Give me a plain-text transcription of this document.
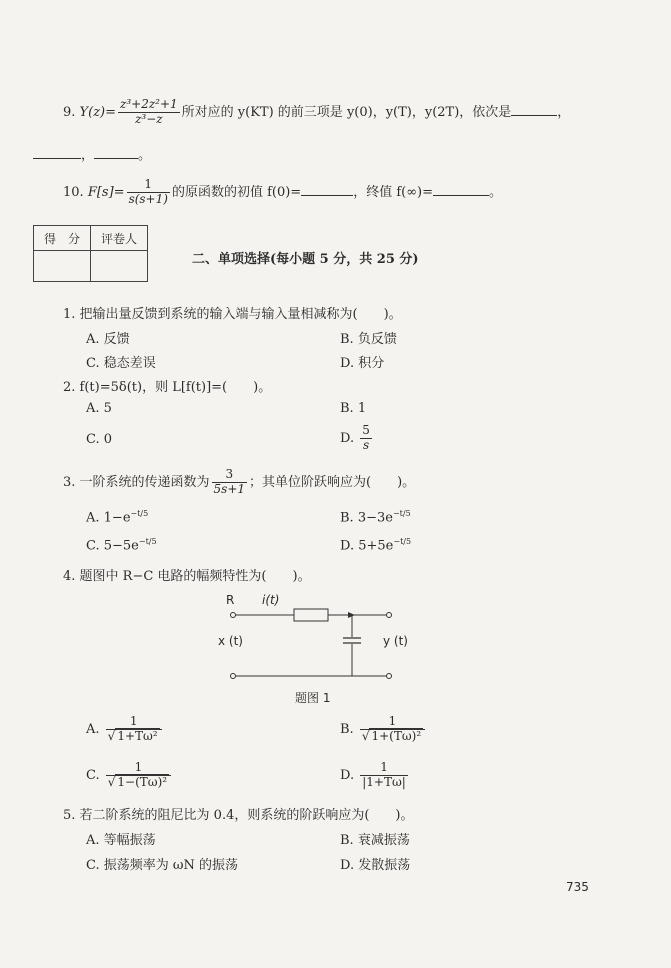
9. $Y(z)= \frac{\text{z³+2z²+1}}{\text{z³−z}}$ 所对应的 y(KT) 的前三项是 y(0)，y(T)，y(2T)，依次是	，
，	。
10. $F[s]= \frac{1}{s(s+1)}$ 的原函数的初值 f(0)=	，终值 f(∞)=	。
得　分	评卷人

二、单项选择(每小题 5 分，共 25 分)
1. 把输出量反馈到系统的输入端与输入量相减称为(　　)。
A. 反馈	B. 负反馈
C. 稳态差误	D. 积分
2. f(t)=5δ(t)，则 L[f(t)]=(　　)。
A. 5	B. 1
C. 0	D. $\frac{5}{s}$
3. 一阶系统的传递函数为 $\frac{3}{5s+1}$ ；其单位阶跃响应为(　　)。
A. $1-e^{-t/5}$	B. $3-3e^{-t/5}$
C. $5-5e^{-t/5}$	D. $5+5e^{-t/5}$
4. 题图中 R−C 电路的幅频特性为(　　)。
R i(t)
x (t)	y (t)
题图 1
A. $\frac{1}{\text{√ 1+Tω²}}$	B. $\frac{1}{\text{√ 1+(Tω)²}}$
C. $\frac{1}{\text{√ 1−(Tω)²}}$	D. $\frac{1}{|1+T\omega|}$
5. 若二阶系统的阻尼比为 0.4，则系统的阶跃响应为(　　)。
A. 等幅振荡	B. 衰减振荡
C. 振荡频率为 ωN 的振荡	D. 发散振荡
735
